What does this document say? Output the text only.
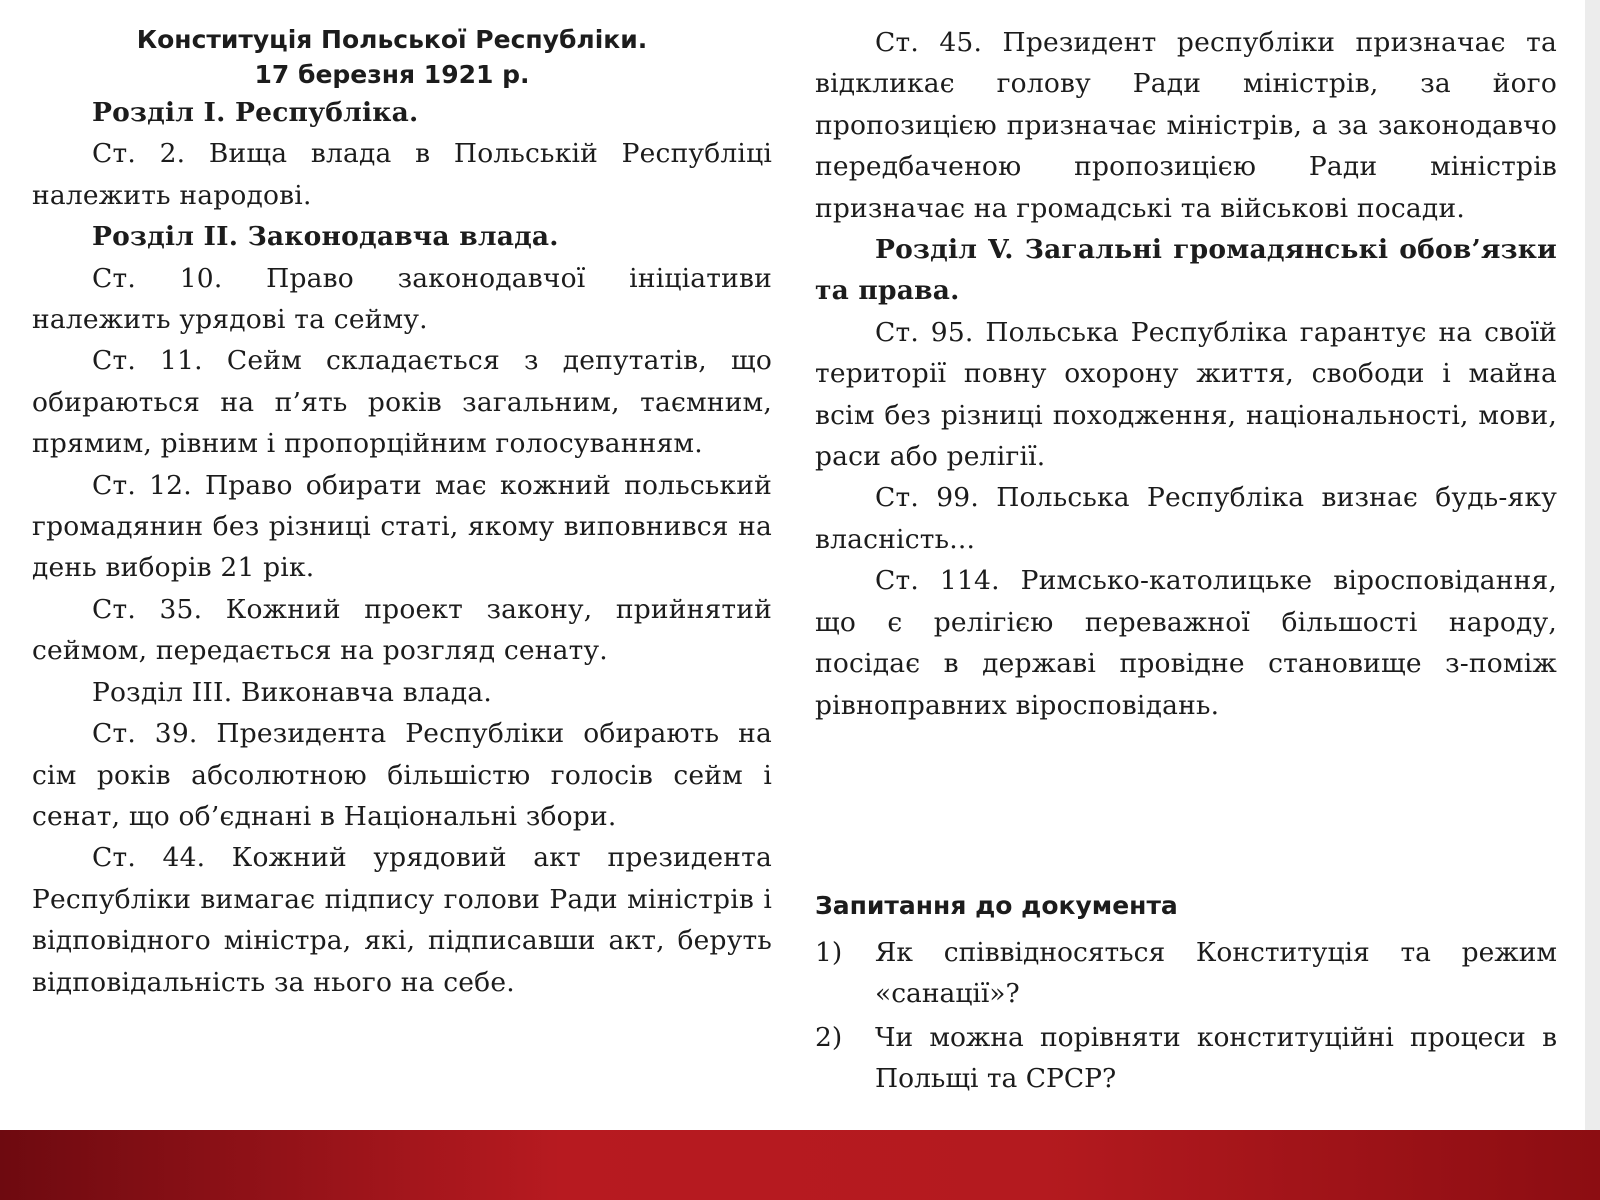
Конституція Польської Республіки.
17 березня 1921 р.

Розділ І. Республіка.

Ст. 2. Вища влада в Польській Республіці належить народові.

Розділ ІІ. Законодавча влада.

Ст. 10. Право законодавчої ініціативи належить урядові та сейму.

Ст. 11. Сейм складається з депутатів, що обираються на п’ять років загальним, таємним, прямим, рівним і пропорційним голосуванням.

Ст. 12. Право обирати має кожний польський громадянин без різниці статі, якому виповнився на день виборів 21 рік.

Ст. 35. Кожний проект закону, прийнятий сеймом, передається на розгляд сенату.

Розділ ІІІ. Виконавча влада.

Ст. 39. Президента Республіки обирають на сім років абсолютною більшістю голосів сейм і сенат, що об’єднані в Національні збори.

Ст. 44. Кожний урядовий акт президента Республіки вимагає підпису голови Ради міністрів і відповідного міністра, які, підписавши акт, беруть відповідальність за нього на себе.

Ст. 45. Президент республіки призначає та відкликає голову Ради міністрів, за його пропозицією призначає міністрів, а за законодавчо передбаченою пропозицією Ради міністрів призначає на громадські та військові посади.

Розділ V. Загальні громадянські обов’язки та права.

Ст. 95. Польська Республіка гарантує на своїй території повну охорону життя, свободи і майна всім без різниці походження, національності, мови, раси або релігії.

Ст. 99. Польська Республіка визнає будь-яку власність...

Ст. 114. Римсько-католицьке віросповідання, що є релігією переважної більшості народу, посідає в державі провідне становище з-поміж рівноправних віросповідань.

Запитання до документа
1) Як співвідносяться Конституція та режим «санації»?
2) Чи можна порівняти конституційні процеси в Польщі та СРСР?
